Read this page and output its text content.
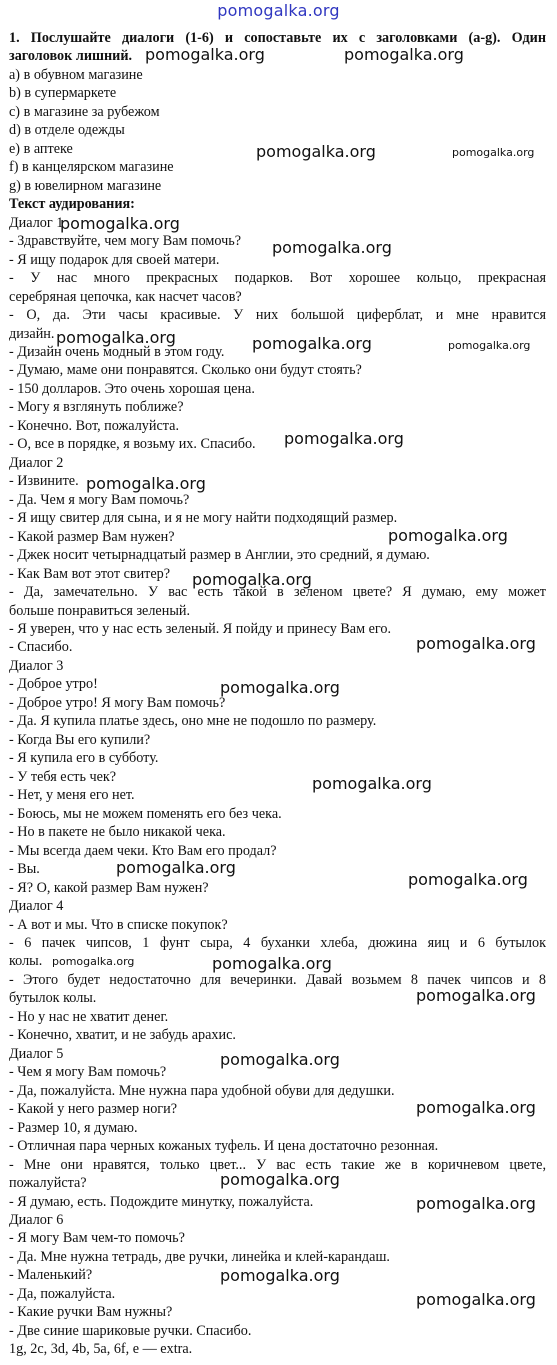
pomogalka.org
1. Послушайте диалоги (1-6) и сопоставьте их с заголовками (a-g). Один
заголовок лишний.
a) в обувном магазине
b) в супермаркете
c) в магазине за рубежом
d) в отделе одежды
e) в аптеке
f) в канцелярском магазине
g) в ювелирном магазине
Текст аудирования:
Диалог 1
- Здравствуйте, чем могу Вам помочь?
- Я ищу подарок для своей матери.
- У нас много прекрасных подарков. Вот хорошее кольцо, прекрасная
серебряная цепочка, как насчет часов?
- О, да. Эти часы красивые. У них большой циферблат, и мне нравится
дизайн.
- Дизайн очень модный в этом году.
- Думаю, маме они понравятся. Сколько они будут стоять?
- 150 долларов. Это очень хорошая цена.
- Могу я взглянуть поближе?
- Конечно. Вот, пожалуйста.
- О, все в порядке, я возьму их. Спасибо.
Диалог 2
- Извините.
- Да. Чем я могу Вам помочь?
- Я ищу свитер для сына, и я не могу найти подходящий размер.
- Какой размер Вам нужен?
- Джек носит четырнадцатый размер в Англии, это средний, я думаю.
- Как Вам вот этот свитер?
- Да, замечательно. У вас есть такой в зеленом цвете? Я думаю, ему может
больше понравиться зеленый.
- Я уверен, что у нас есть зеленый. Я пойду и принесу Вам его.
- Спасибо.
Диалог 3
- Доброе утро!
- Доброе утро! Я могу Вам помочь?
- Да. Я купила платье здесь, оно мне не подошло по размеру.
- Когда Вы его купили?
- Я купила его в субботу.
- У тебя есть чек?
- Нет, у меня его нет.
- Боюсь, мы не можем поменять его без чека.
- Но в пакете не было никакой чека.
- Мы всегда даем чеки. Кто Вам его продал?
- Вы.
- Я? О, какой размер Вам нужен?
Диалог 4
- А вот и мы. Что в списке покупок?
- 6 пачек чипсов, 1 фунт сыра, 4 буханки хлеба, дюжина яиц и 6 бутылок
колы.
- Этого будет недостаточно для вечеринки. Давай возьмем 8 пачек чипсов и 8
бутылок колы.
- Но у нас не хватит денег.
- Конечно, хватит, и не забудь арахис.
Диалог 5
- Чем я могу Вам помочь?
- Да, пожалуйста. Мне нужна пара удобной обуви для дедушки.
- Какой у него размер ноги?
- Размер 10, я думаю.
- Отличная пара черных кожаных туфель. И цена достаточно резонная.
- Мне они нравятся, только цвет... У вас есть такие же в коричневом цвете,
пожалуйста?
- Я думаю, есть. Подождите минутку, пожалуйста.
Диалог 6
- Я могу Вам чем-то помочь?
- Да. Мне нужна тетрадь, две ручки, линейка и клей-карандаш.
- Маленький?
- Да, пожалуйста.
- Какие ручки Вам нужны?
- Две синие шариковые ручки. Спасибо.
1g, 2c, 3d, 4b, 5a, 6f, e — extra.
pomogalka.org	pomogalka.org
pomogalka.org	pomogalka.org
pomogalka.org
pomogalka.org
pomogalka.org	pomogalka.org	pomogalka.org
pomogalka.org
pomogalka.org
pomogalka.org
pomogalka.org
pomogalka.org
pomogalka.org
pomogalka.org
pomogalka.org
pomogalka.org
pomogalka.org	pomogalka.org
pomogalka.org
pomogalka.org
pomogalka.org
pomogalka.org
pomogalka.org
pomogalka.org
pomogalka.org
